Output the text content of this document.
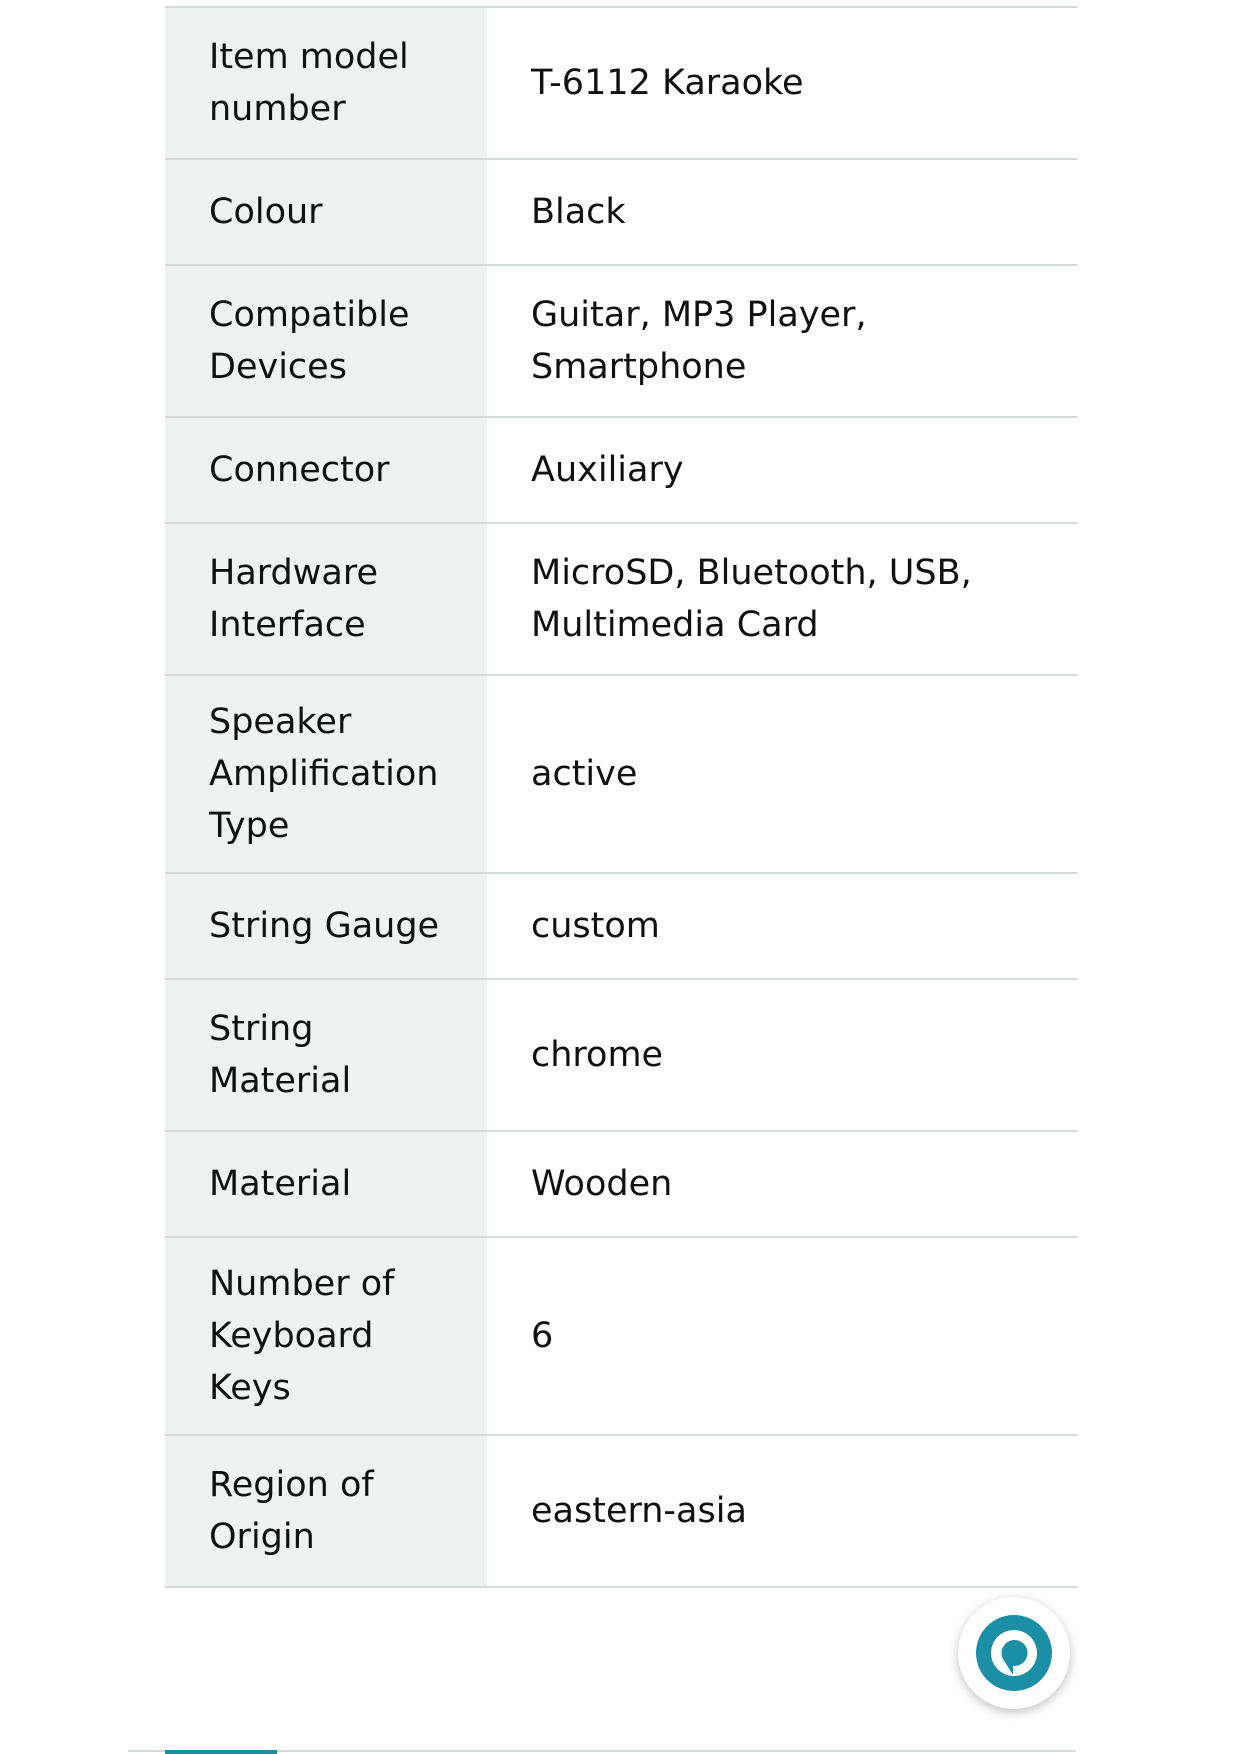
Item model number	T-6112 Karaoke

Colour	Black

Compatible Devices	Guitar, MP3 Player, Smartphone

Connector	Auxiliary

Hardware Interface	MicroSD, Bluetooth, USB, Multimedia Card

Speaker Amplification Type	active

String Gauge	custom

String Material	chrome

Material	Wooden

Number of Keyboard Keys	6

Region of Origin	eastern-asia
